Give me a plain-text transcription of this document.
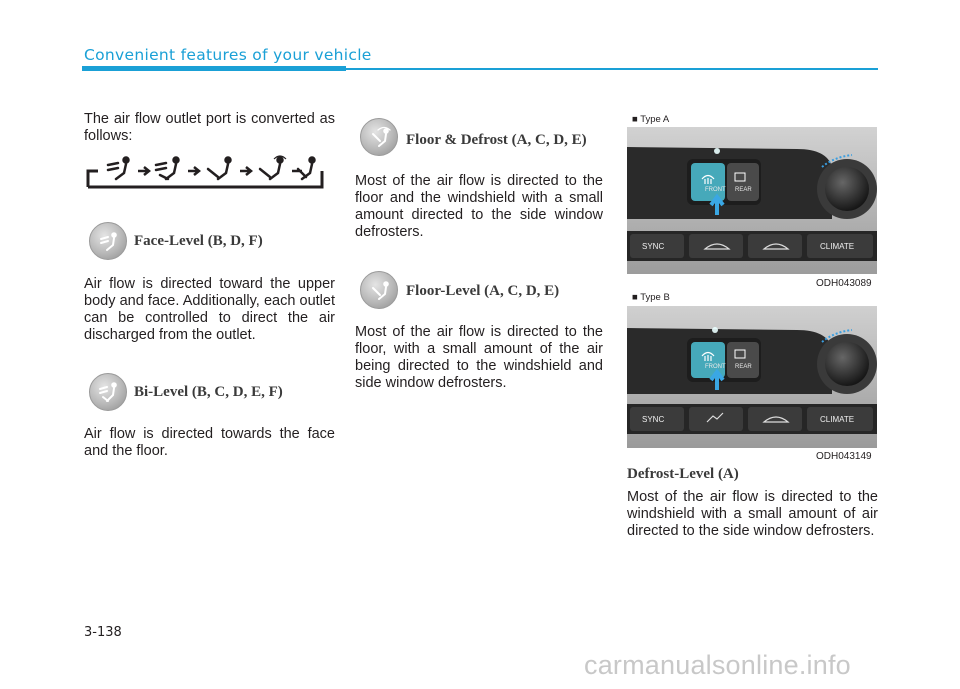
Convenient features of your vehicle
The air flow outlet port is converted as follows:
Face-Level (B, D, F)
Air flow is directed toward the upper body and face. Additionally, each outlet can be controlled to direct the air discharged from the outlet.
Bi-Level (B, C, D, E, F)
Air flow is directed towards the face and the floor.
Floor & Defrost (A, C, D, E)
Most of the air flow is directed to the floor and the windshield with a small amount directed to the side window defrosters.
Floor-Level (A, C, D, E)
Most of the air flow is directed to the floor, with a small amount of the air being directed to the windshield and side window defrosters.
■ Type A
FRONT REAR
SYNC	CLIMATE
ODH043089
■ Type B
FRONT REAR
SYNC	CLIMATE
ODH043149
Defrost-Level (A)
Most of the air flow is directed to the windshield with a small amount of air directed to the side window defrosters.
3-138
carmanualsonline.info
